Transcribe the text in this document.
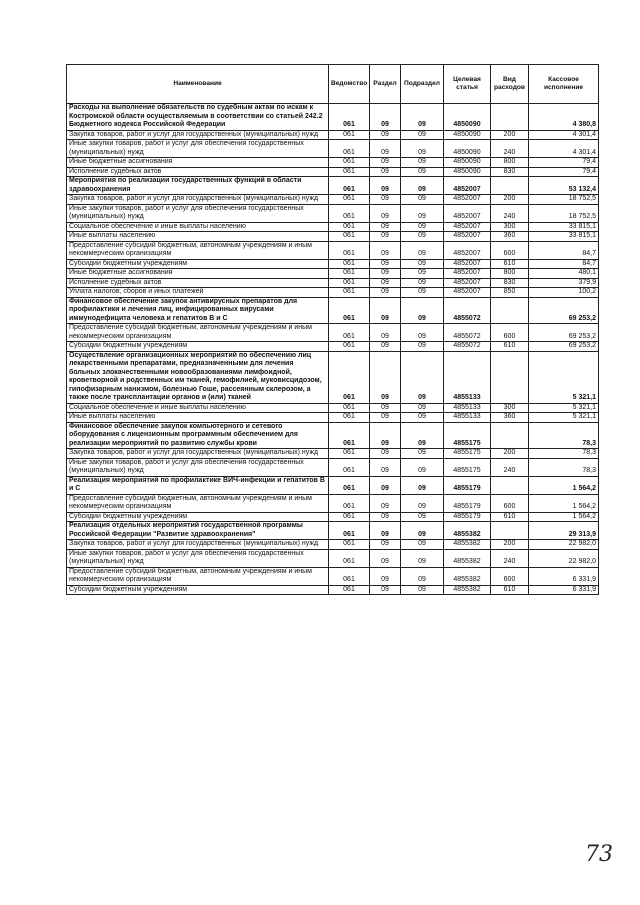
Наименование	Ведомство	Раздел	Подраздел	Целевая статья	Вид расходов	Кассовое исполнение
Расходы на выполнение обязательств по судебным актам по искам к Костромской области осуществляемым в соответствии со статьей 242.2 Бюджетного кодекса Российской Федерации	061	09	09	4850090		4 380,8
Закупка товаров, работ и услуг для государственных (муниципальных) нужд	061	09	09	4850090	200	4 301,4
Иные закупки товаров, работ и услуг для обеспечения государственных (муниципальных) нужд	061	09	09	4850090	240	4 301,4
Иные бюджетные ассигнования	061	09	09	4850090	800	79,4
Исполнение судебных актов	061	09	09	4850090	830	79,4
Мероприятия по реализации государственных функций в области здравоохранения	061	09	09	4852007		53 132,4
Закупка товаров, работ и услуг для государственных (муниципальных) нужд	061	09	09	4852007	200	18 752,5
Иные закупки товаров, работ и услуг для обеспечения государственных (муниципальных) нужд	061	09	09	4852007	240	18 752,5
Социальное обеспечение и иные выплаты населению	061	09	09	4852007	300	33 815,1
Иные выплаты населению	061	09	09	4852007	360	33 815,1
Предоставление субсидий бюджетным, автономным учреждениям и иным некоммерческим организациям	061	09	09	4852007	600	84,7
Субсидии бюджетным учреждениям	061	09	09	4852007	610	84,7
Иные бюджетные ассигнования	061	09	09	4852007	800	480,1
Исполнение судебных актов	061	09	09	4852007	830	379,9
Уплата налогов, сборов и иных платежей	061	09	09	4852007	850	100,2
Финансовое обеспечение закупок антивирусных препаратов для профилактики и лечения лиц, инфицированных вирусами иммунодефицита человека и гепатитов В и С	061	09	09	4855072		69 253,2
Предоставление субсидий бюджетным, автономным учреждениям и иным некоммерческим организациям	061	09	09	4855072	600	69 253,2
Субсидии бюджетным учреждениям	061	09	09	4855072	610	69 253,2
Осуществление организационных мероприятий по обеспечению лиц лекарственными препаратами, предназначенными для лечения больных злокачественными новообразованиями лимфоидной, кроветворной и родственных им тканей, гемофилией, муковисцидозом, гипофизарным нанизмом, болезнью Гоше, рассеянным склерозом, а также после трансплантации органов и (или) тканей	061	09	09	4855133		5 321,1
Социальное обеспечение и иные выплаты населению	061	09	09	4855133	300	5 321,1
Иные выплаты населению	061	09	09	4855133	360	5 321,1
Финансовое обеспечение закупок компьютерного и сетевого оборудования с лицензионным программным обеспечением для реализации мероприятий по развитию службы крови	061	09	09	4855175		78,3
Закупка товаров, работ и услуг для государственных (муниципальных) нужд	061	09	09	4855175	200	78,3
Иные закупки товаров, работ и услуг для обеспечения государственных (муниципальных) нужд	061	09	09	4855175	240	78,3
Реализация мероприятий по профилактике ВИЧ-инфекции и гепатитов В и С	061	09	09	4855179		1 564,2
Предоставление субсидий бюджетным, автономным учреждениям и иным некоммерческим организациям	061	09	09	4855179	600	1 564,2
Субсидии бюджетным учреждениям	061	09	09	4855179	610	1 564,2
Реализация отдельных мероприятий государственной программы Российской Федерации "Развитие здравоохранения"	061	09	09	4855382		29 313,9
Закупка товаров, работ и услуг для государственных (муниципальных) нужд	061	09	09	4855382	200	22 982,0
Иные закупки товаров, работ и услуг для обеспечения государственных (муниципальных) нужд	061	09	09	4855382	240	22 982,0
Предоставление субсидий бюджетным, автономным учреждениям и иным некоммерческим организациям	061	09	09	4855382	600	6 331,9
Субсидии бюджетным учреждениям	061	09	09	4855382	610	6 331,9
73
